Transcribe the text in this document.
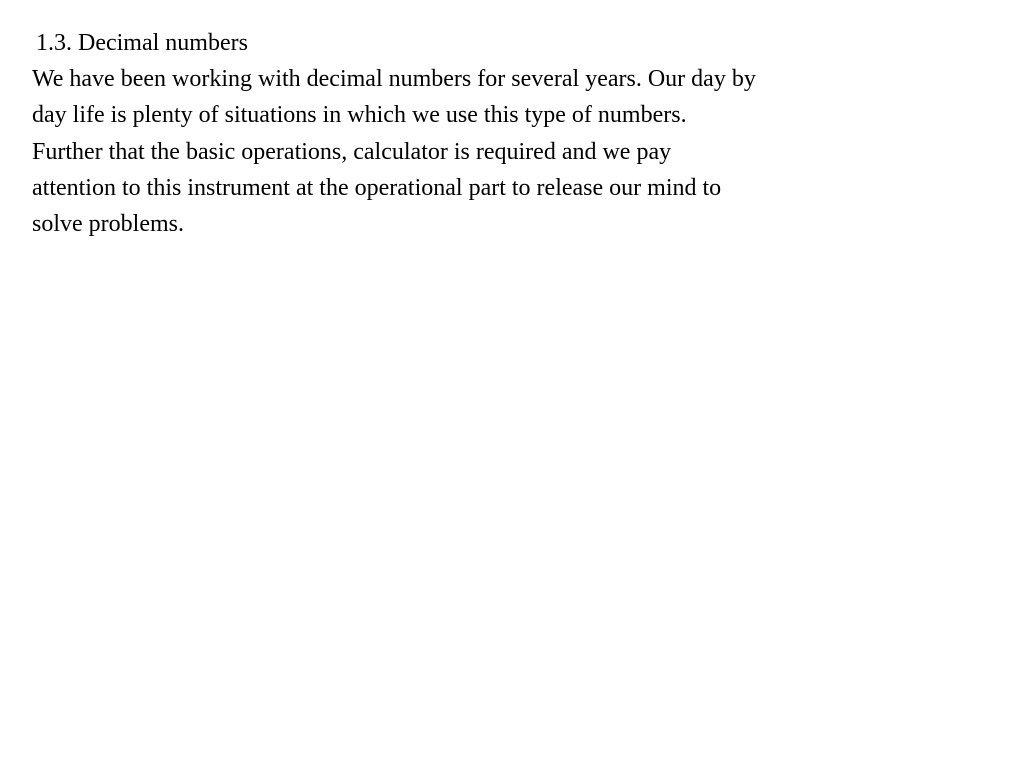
1.3. Decimal numbers

We have been working with decimal numbers for several years. Our day by

day life is plenty of situations in which we use this type of numbers.

Further that the basic operations, calculator is required and we pay

attention to this instrument at the operational part to release our mind to

solve problems.
